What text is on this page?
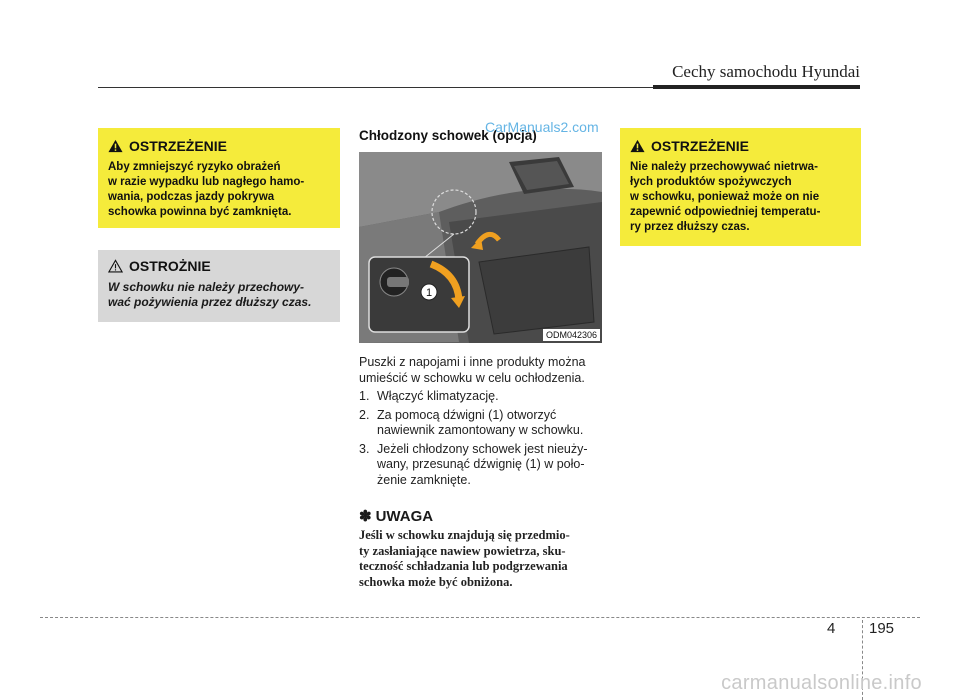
Cechy samochodu Hyundai
OSTRZEŻENIE
Aby zmniejszyć ryzyko obrażeń
w razie wypadku lub nagłego hamo-
wania, podczas jazdy pokrywa
schowka powinna być zamknięta.
OSTROŻNIE
W schowku nie należy przechowy-
wać pożywienia przez dłuższy czas.
Chłodzony schowek (opcja)
CarManuals2.com
1
ODM042306
Puszki z napojami i inne produkty można
umieścić w schowku w celu ochłodzenia.
1. Włączyć klimatyzację.
2. Za pomocą dźwigni (1) otworzyć
nawiewnik zamontowany w schowku.
3. Jeżeli chłodzony schowek jest nieuży-
wany, przesunąć dźwignię (1) w poło-
żenie zamknięte.
✽ UWAGA
Jeśli w schowku znajdują się przedmio-
ty zasłaniające nawiew powietrza, sku-
teczność schładzania lub podgrzewania
schowka może być obniżona.
OSTRZEŻENIE
Nie należy przechowywać nietrwa-
łych produktów spożywczych
w schowku, ponieważ może on nie
zapewnić odpowiedniej temperatu-
ry przez dłuższy czas.
4 195
carmanualsonline.info
